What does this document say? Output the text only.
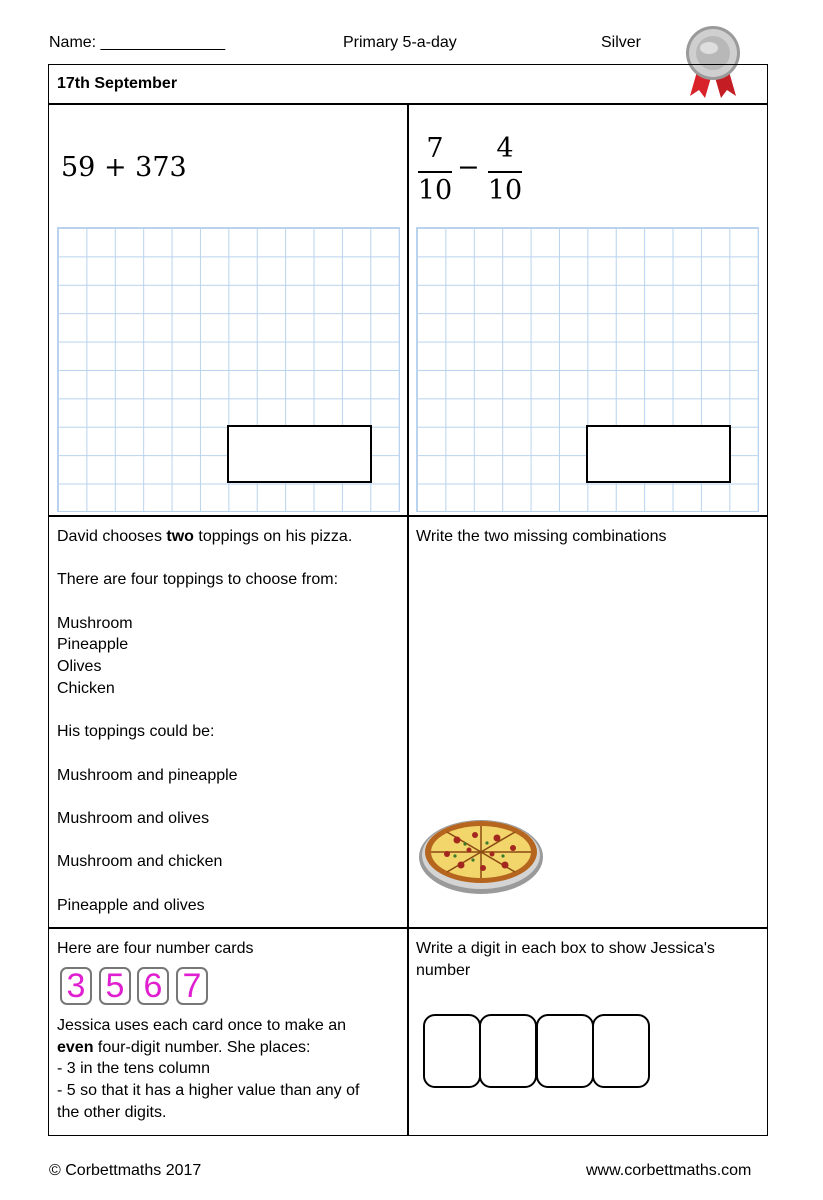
Name: ______________	Primary 5-a-day	Silver
17th September
59 + 373
7
10
−
4
10
David chooses two toppings on his pizza.
There are four toppings to choose from:
Mushroom
Pineapple
Olives
Chicken
His toppings could be:
Mushroom and pineapple
Mushroom and olives
Mushroom and chicken
Pineapple and olives
Write the two missing combinations
Here are four number cards
3 5 6 7
Jessica uses each card once to make an
even four-digit number. She places:
- 3 in the tens column
- 5 so that it has a higher value than any of
the other digits.
Write a digit in each box to show Jessica's
number
© Corbettmaths 2017	www.corbettmaths.com
